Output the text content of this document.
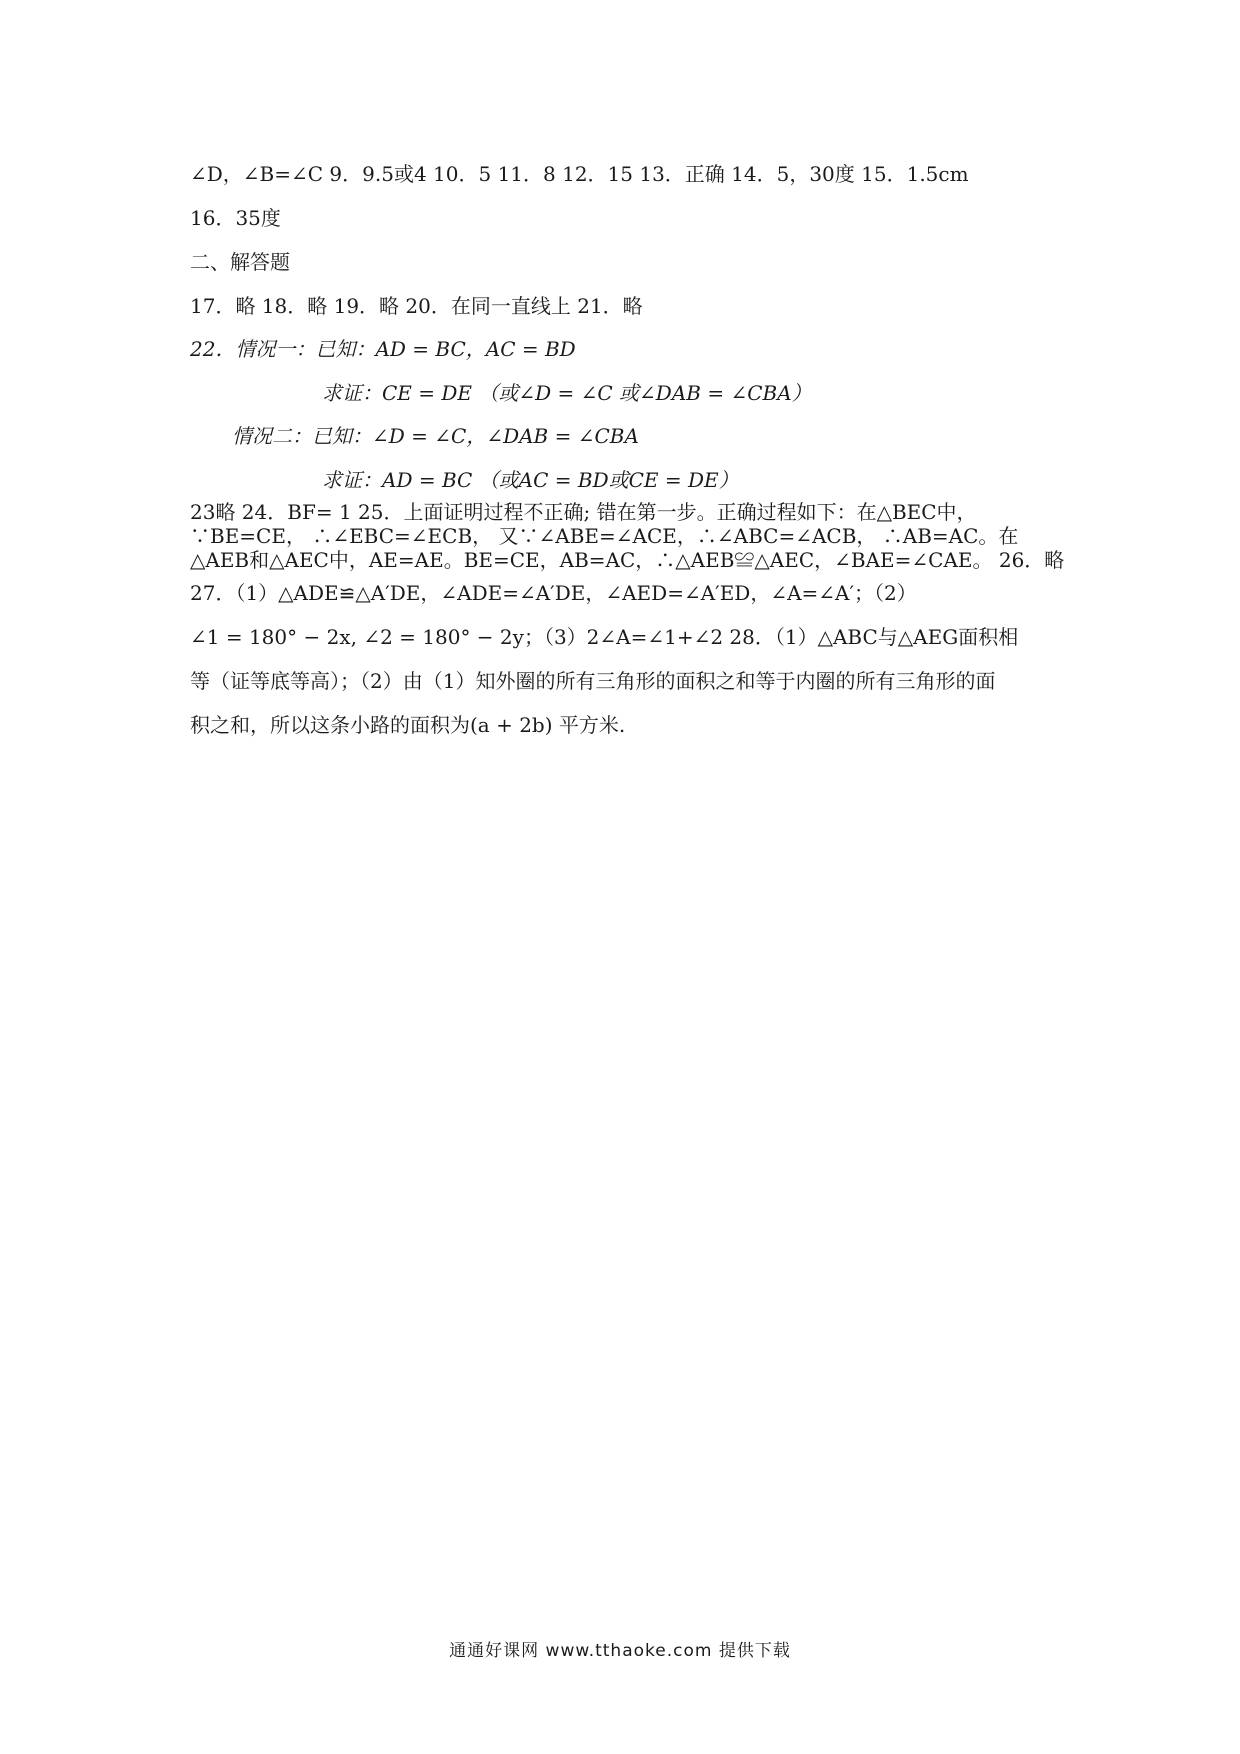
∠D，∠B=∠C 9．9.5或4 10．5 11．8 12．15 13．正确 14．5，30度 15．1.5cm
16．35度
二、解答题
17．略 18．略 19．略 20．在同一直线上 21．略
22．情况一：已知：AD = BC，AC = BD
求证：CE = DE （或∠D = ∠C 或∠DAB = ∠CBA）
情况二：已知：∠D = ∠C，∠DAB = ∠CBA
求证：AD = BC （或AC = BD或CE = DE）
23略 24．BF= 1 25．上面证明过程不正确; 错在第一步。正确过程如下：在△BEC中，∵BE=CE， ∴∠EBC=∠ECB， 又∵∠ABE=∠ACE，∴∠ABC=∠ACB， ∴AB=AC。在△AEB和△AEC中，AE=AE。BE=CE，AB=AC，∴△AEB≌△AEC，∠BAE=∠CAE。 26．略
27．（1）△ADE≌△A′DE，∠ADE=∠A′DE，∠AED=∠A′ED，∠A=∠A′；（2）
∠1 = 180° − 2x, ∠2 = 180° − 2y；（3）2∠A=∠1+∠2 28．（1）△ABC与△AEG面积相
等（证等底等高）；（2）由（1）知外圈的所有三角形的面积之和等于内圈的所有三角形的面
积之和，所以这条小路的面积为(a + 2b) 平方米.
通通好课网 www.tthaoke.com 提供下载
